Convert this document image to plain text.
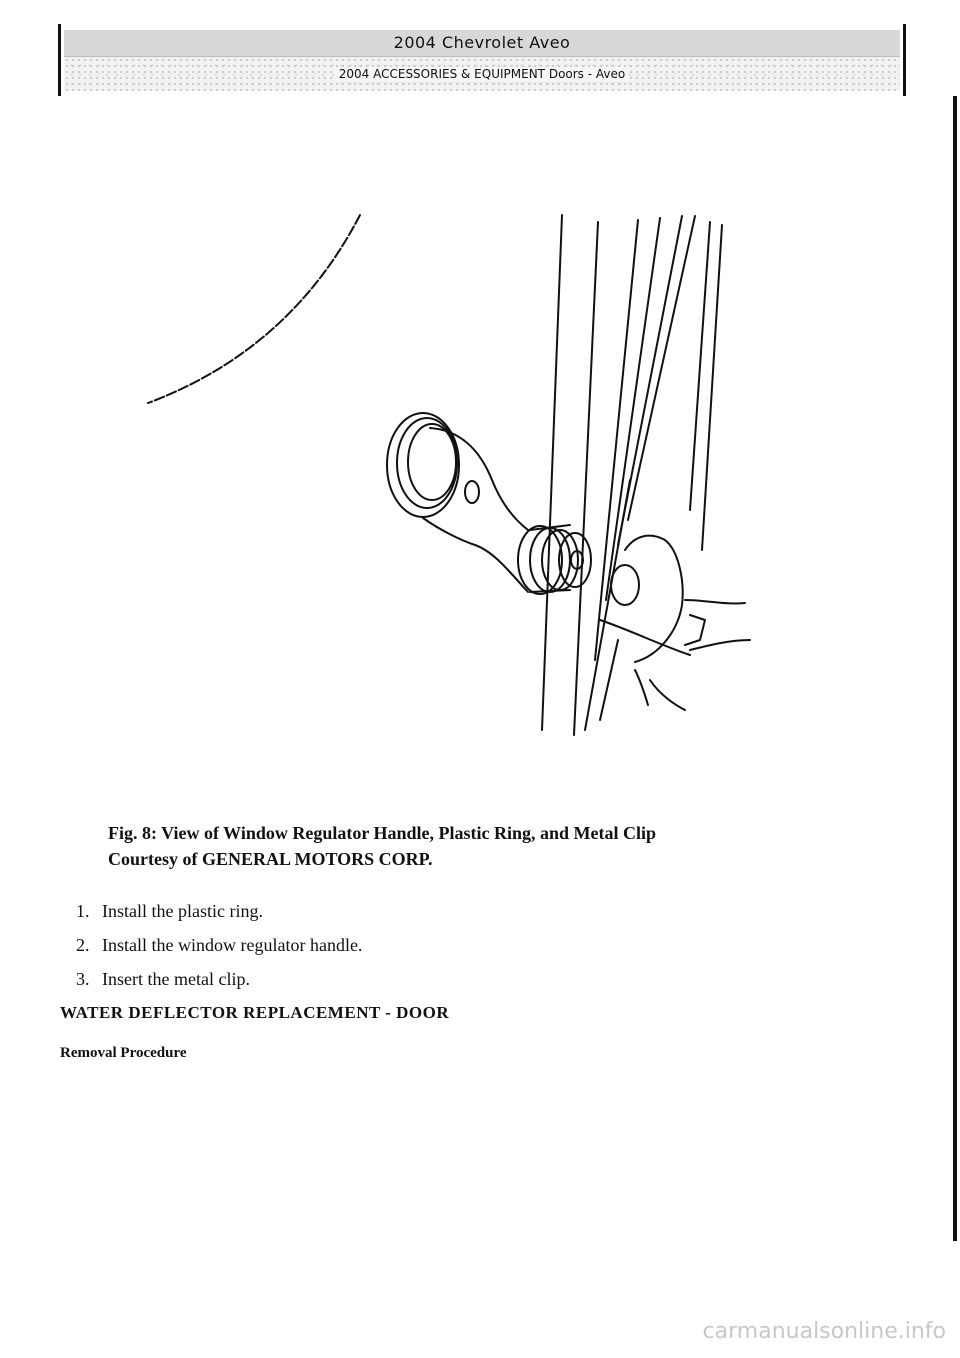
2004 Chevrolet Aveo
2004 ACCESSORIES & EQUIPMENT Doors - Aveo
Fig. 8: View of Window Regulator Handle, Plastic Ring, and Metal Clip
Courtesy of GENERAL MOTORS CORP.
1. Install the plastic ring.
2. Install the window regulator handle.
3. Insert the metal clip.
WATER DEFLECTOR REPLACEMENT - DOOR
Removal Procedure
carmanualsonline.info
